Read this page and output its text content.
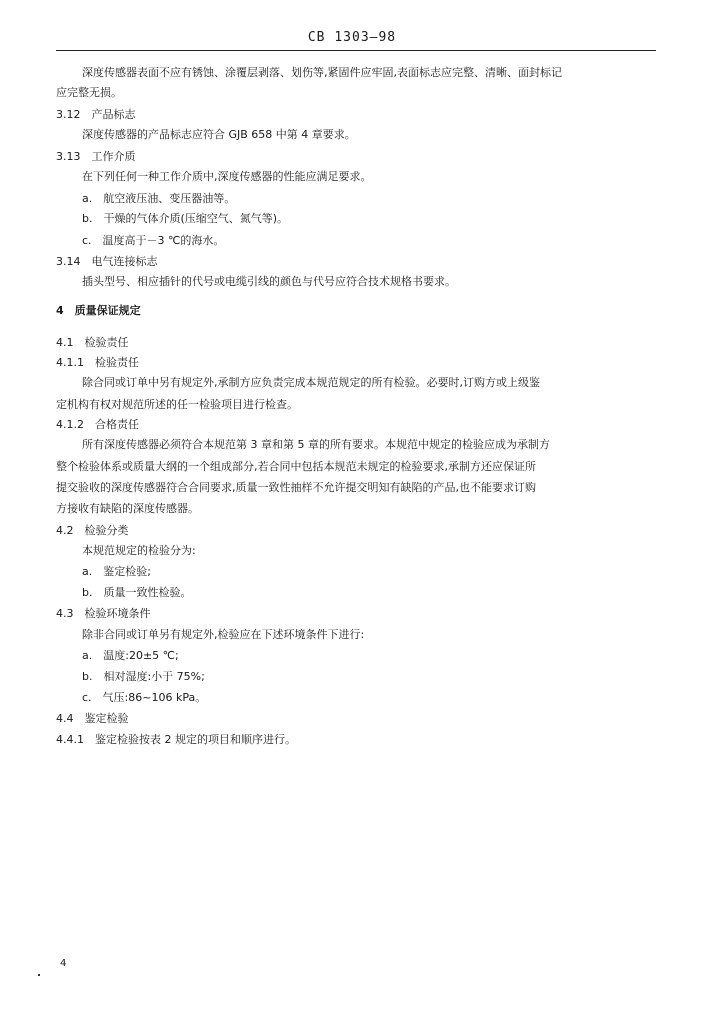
CB 1303—98
深度传感器表面不应有锈蚀、涂覆层剥落、划伤等,紧固件应牢固,表面标志应完整、清晰、面封标记
应完整无损。
3.12　产品标志
深度传感器的产品标志应符合 GJB 658 中第 4 章要求。
3.13　工作介质
在下列任何一种工作介质中,深度传感器的性能应满足要求。
a.　航空液压油、变压器油等。
b.　干燥的气体介质(压缩空气、氮气等)。
c.　温度高于－3 ℃的海水。
3.14　电气连接标志
插头型号、相应插针的代号或电缆引线的颜色与代号应符合技术规格书要求。
4　质量保证规定
4.1　检验责任
4.1.1　检验责任
除合同或订单中另有规定外,承制方应负责完成本规范规定的所有检验。必要时,订购方或上级鉴
定机构有权对规范所述的任一检验项目进行检查。
4.1.2　合格责任
所有深度传感器必须符合本规范第 3 章和第 5 章的所有要求。本规范中规定的检验应成为承制方
整个检验体系或质量大纲的一个组成部分,若合同中包括本规范未规定的检验要求,承制方还应保证所
提交验收的深度传感器符合合同要求,质量一致性抽样不允许提交明知有缺陷的产品,也不能要求订购
方接收有缺陷的深度传感器。
4.2　检验分类
本规范规定的检验分为:
a.　鉴定检验;
b.　质量一致性检验。
4.3　检验环境条件
除非合同或订单另有规定外,检验应在下述环境条件下进行:
a.　温度:20±5 ℃;
b.　相对湿度:小于 75%;
c.　气压:86~106 kPa。
4.4　鉴定检验
4.4.1　鉴定检验按表 2 规定的项目和顺序进行。
4
